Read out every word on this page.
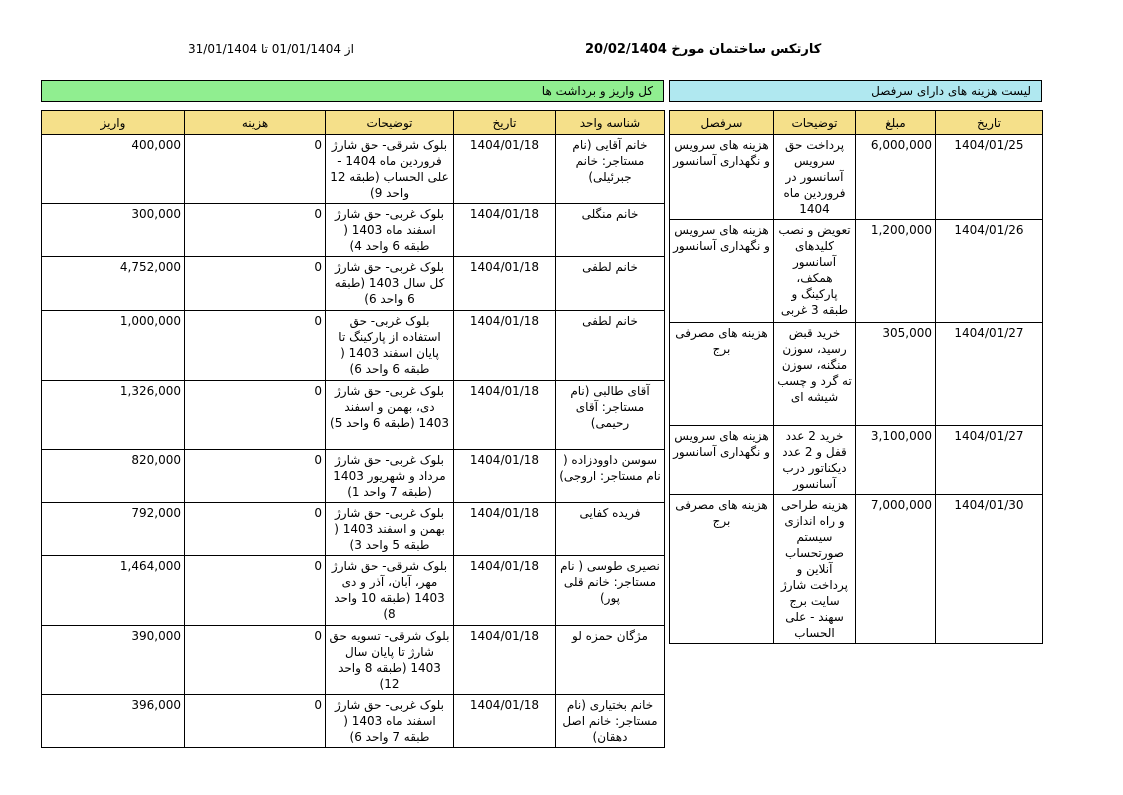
کارتکس ساختمان مورخ 20/02/1404
از 01/01/1404 تا 31/01/1404
کل واریز و برداشت ها	لیست هزینه های دارای سرفصل
واریز	هزینه	توضیحات	تاریخ	شناسه واحد
400,000	0	بلوک شرقی- حق شارژ فروردین ماه 1404 - علی الحساب (طبقه 12 واحد 9)	1404/01/18	خانم آقایی (نام مستاجر: خانم جبرئیلی)
300,000	0	بلوک غربی- حق شارژ اسفند ماه 1403 ( طبقه 6 واحد 4)	1404/01/18	خانم منگلی
4,752,000	0	بلوک غربی- حق شارژ کل سال 1403 (طبقه 6 واحد 6)	1404/01/18	خانم لطفی
1,000,000	0	بلوک غربی- حق استفاده از پارکینگ تا پایان اسفند 1403 ( طبقه 6 واحد 6)	1404/01/18	خانم لطفی
1,326,000	0	بلوک غربی- حق شارژ دی، بهمن و اسفند 1403 (طبقه 6 واحد 5)	1404/01/18	آقای طالبی (نام مستاجر: آقای رحیمی)
820,000	0	بلوک غربی- حق شارژ مرداد و شهریور 1403 (طبقه 7 واحد 1)	1404/01/18	سوسن داوودزاده ( نام مستاجر: اروجی)
792,000	0	بلوک غربی- حق شارژ بهمن و اسفند 1403 ( طبقه 5 واحد 3)	1404/01/18	فریده کفایی
1,464,000	0	بلوک شرقی- حق شارژ مهر، آبان، آذر و دی 1403 (طبقه 10 واحد 8)	1404/01/18	نصیری طوسی ( نام مستاجر: خانم قلی پور)
390,000	0	بلوک شرقی- تسویه حق شارژ تا پایان سال 1403 (طبقه 8 واحد 12)	1404/01/18	مژگان حمزه لو
396,000	0	بلوک غربی- حق شارژ اسفند ماه 1403 ( طبقه 7 واحد 6)	1404/01/18	خانم بختیاری (نام مستاجر: خانم اصل دهقان)
سرفصل	توضیحات	مبلغ	تاریخ
هزینه های سرویس و نگهداری آسانسور	پرداخت حق سرویس آسانسور در فروردین ماه 1404	6,000,000	1404/01/25
هزینه های سرویس و نگهداری آسانسور	تعویض و نصب کلیدهای آسانسور همکف، پارکینگ و طبقه 3 غربی	1,200,000	1404/01/26
هزینه های مصرفی برج	خرید قبض رسید، سوزن منگنه، سوزن ته گرد و چسب شیشه ای	305,000	1404/01/27
هزینه های سرویس و نگهداری آسانسور	خرید 2 عدد قفل و 2 عدد دیکناتور درب آسانسور	3,100,000	1404/01/27
هزینه های مصرفی برج	هزینه طراحی و راه اندازی سیستم صورتحساب آنلاین و پرداخت شارژ سایت برج سهند - علی الحساب	7,000,000	1404/01/30
